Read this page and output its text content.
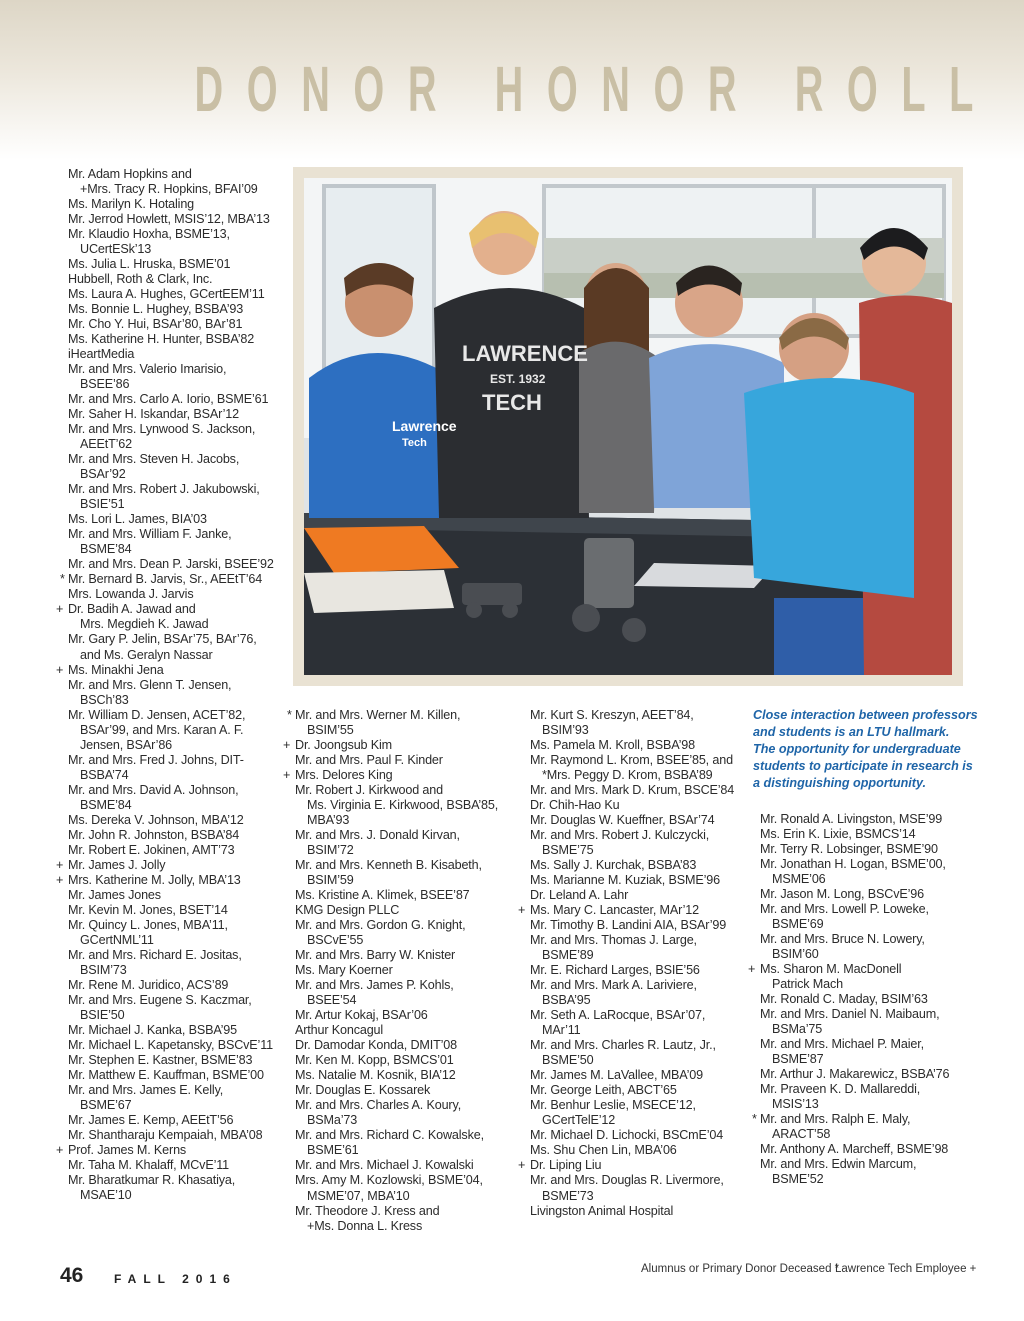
DONOR HONOR ROLL
Mr. Adam Hopkins and
+Mrs. Tracy R. Hopkins, BFAI’09
Ms. Marilyn K. Hotaling
Mr. Jerrod Howlett, MSIS’12, MBA’13
Mr. Klaudio Hoxha, BSME’13,
UCertESk’13
Ms. Julia L. Hruska, BSME’01
Hubbell, Roth & Clark, Inc.
Ms. Laura A. Hughes, GCertEEM’11
Ms. Bonnie L. Hughey, BSBA’93
Mr. Cho Y. Hui, BSAr’80, BAr’81
Ms. Katherine H. Hunter, BSBA’82
iHeartMedia
Mr. and Mrs. Valerio Imarisio,
BSEE’86
Mr. and Mrs. Carlo A. Iorio, BSME’61
Mr. Saher H. Iskandar, BSAr’12
Mr. and Mrs. Lynwood S. Jackson,
AEEtT’62
Mr. and Mrs. Steven H. Jacobs,
BSAr’92
Mr. and Mrs. Robert J. Jakubowski,
BSIE’51
Ms. Lori L. James, BIA’03
Mr. and Mrs. William F. Janke,
BSME’84
Mr. and Mrs. Dean P. Jarski, BSEE’92
* Mr. Bernard B. Jarvis, Sr., AEEtT’64
Mrs. Lowanda J. Jarvis
+ Dr. Badih A. Jawad and
Mrs. Megdieh K. Jawad
Mr. Gary P. Jelin, BSAr’75, BAr’76,
and Ms. Geralyn Nassar
+ Ms. Minakhi Jena
Mr. and Mrs. Glenn T. Jensen,
BSCh’83
Mr. William D. Jensen, ACET’82,
BSAr’99, and Mrs. Karan A. F.
Jensen, BSAr’86
Mr. and Mrs. Fred J. Johns, DIT-
BSBA’74
Mr. and Mrs. David A. Johnson,
BSME’84
Ms. Dereka V. Johnson, MBA’12
Mr. John R. Johnston, BSBA’84
Mr. Robert E. Jokinen, AMT’73
+ Mr. James J. Jolly
+ Mrs. Katherine M. Jolly, MBA’13
Mr. James Jones
Mr. Kevin M. Jones, BSET’14
Mr. Quincy L. Jones, MBA’11,
GCertNML’11
Mr. and Mrs. Richard E. Jositas,
BSIM’73
Mr. Rene M. Juridico, ACS’89
Mr. and Mrs. Eugene S. Kaczmar,
BSIE’50
Mr. Michael J. Kanka, BSBA’95
Mr. Michael L. Kapetansky, BSCvE’11
Mr. Stephen E. Kastner, BSME’83
Mr. Matthew E. Kauffman, BSME’00
Mr. and Mrs. James E. Kelly,
BSME’67
Mr. James E. Kemp, AEEtT’56
Mr. Shantharaju Kempaiah, MBA’08
+ Prof. James M. Kerns
Mr. Taha M. Khalaff, MCvE’11
Mr. Bharatkumar R. Khasatiya,
MSAE’10
LAWRENCE
EST. 1932
TECH
Lawrence
Tech
* Mr. and Mrs. Werner M. Killen,
BSIM’55
+ Dr. Joongsub Kim
Mr. and Mrs. Paul F. Kinder
+ Mrs. Delores King
Mr. Robert J. Kirkwood and
Ms. Virginia E. Kirkwood, BSBA’85,
MBA’93
Mr. and Mrs. J. Donald Kirvan,
BSIM’72
Mr. and Mrs. Kenneth B. Kisabeth,
BSIM’59
Ms. Kristine A. Klimek, BSEE’87
KMG Design PLLC
Mr. and Mrs. Gordon G. Knight,
BSCvE’55
Mr. and Mrs. Barry W. Knister
Ms. Mary Koerner
Mr. and Mrs. James P. Kohls,
BSEE’54
Mr. Artur Kokaj, BSAr’06
Arthur Koncagul
Dr. Damodar Konda, DMIT’08
Mr. Ken M. Kopp, BSMCS’01
Ms. Natalie M. Kosnik, BIA’12
Mr. Douglas E. Kossarek
Mr. and Mrs. Charles A. Koury,
BSMa’73
Mr. and Mrs. Richard C. Kowalske,
BSME’61
Mr. and Mrs. Michael J. Kowalski
Mrs. Amy M. Kozlowski, BSME’04,
MSME’07, MBA’10
Mr. Theodore J. Kress and
+Ms. Donna L. Kress
Mr. Kurt S. Kreszyn, AEET’84,
BSIM’93
Ms. Pamela M. Kroll, BSBA’98
Mr. Raymond L. Krom, BSEE’85, and
*Mrs. Peggy D. Krom, BSBA’89
Mr. and Mrs. Mark D. Krum, BSCE’84
Dr. Chih-Hao Ku
Mr. Douglas W. Kueffner, BSAr’74
Mr. and Mrs. Robert J. Kulczycki,
BSME’75
Ms. Sally J. Kurchak, BSBA’83
Ms. Marianne M. Kuziak, BSME’96
Dr. Leland A. Lahr
+ Ms. Mary C. Lancaster, MAr’12
Mr. Timothy B. Landini AIA, BSAr’99
Mr. and Mrs. Thomas J. Large,
BSME’89
Mr. E. Richard Larges, BSIE’56
Mr. and Mrs. Mark A. Lariviere,
BSBA’95
Mr. Seth A. LaRocque, BSAr’07,
MAr’11
Mr. and Mrs. Charles R. Lautz, Jr.,
BSME’50
Mr. James M. LaVallee, MBA’09
Mr. George Leith, ABCT’65
Mr. Benhur Leslie, MSECE’12,
GCertTelE’12
Mr. Michael D. Lichocki, BSCmE’04
Ms. Shu Chen Lin, MBA’06
+ Dr. Liping Liu
Mr. and Mrs. Douglas R. Livermore,
BSME’73
Livingston Animal Hospital
Close interaction between professors
and students is an LTU hallmark.
The opportunity for undergraduate
students to participate in research is
a distinguishing opportunity.
Mr. Ronald A. Livingston, MSE’99
Ms. Erin K. Lixie, BSMCS’14
Mr. Terry R. Lobsinger, BSME’90
Mr. Jonathan H. Logan, BSME’00,
MSME’06
Mr. Jason M. Long, BSCvE’96
Mr. and Mrs. Lowell P. Loweke,
BSME’69
Mr. and Mrs. Bruce N. Lowery,
BSIM’60
+ Ms. Sharon M. MacDonell
Patrick Mach
Mr. Ronald C. Maday, BSIM’63
Mr. and Mrs. Daniel N. Maibaum,
BSMa’75
Mr. and Mrs. Michael P. Maier,
BSME’87
Mr. Arthur J. Makarewicz, BSBA’76
Mr. Praveen K. D. Mallareddi,
MSIS’13
* Mr. and Mrs. Ralph E. Maly,
ARACT’58
Mr. Anthony A. Marcheff, BSME’98
Mr. and Mrs. Edwin Marcum,
BSME’52
46	FALL 2016
Alumnus or Primary Donor Deceased *
Lawrence Tech Employee +
